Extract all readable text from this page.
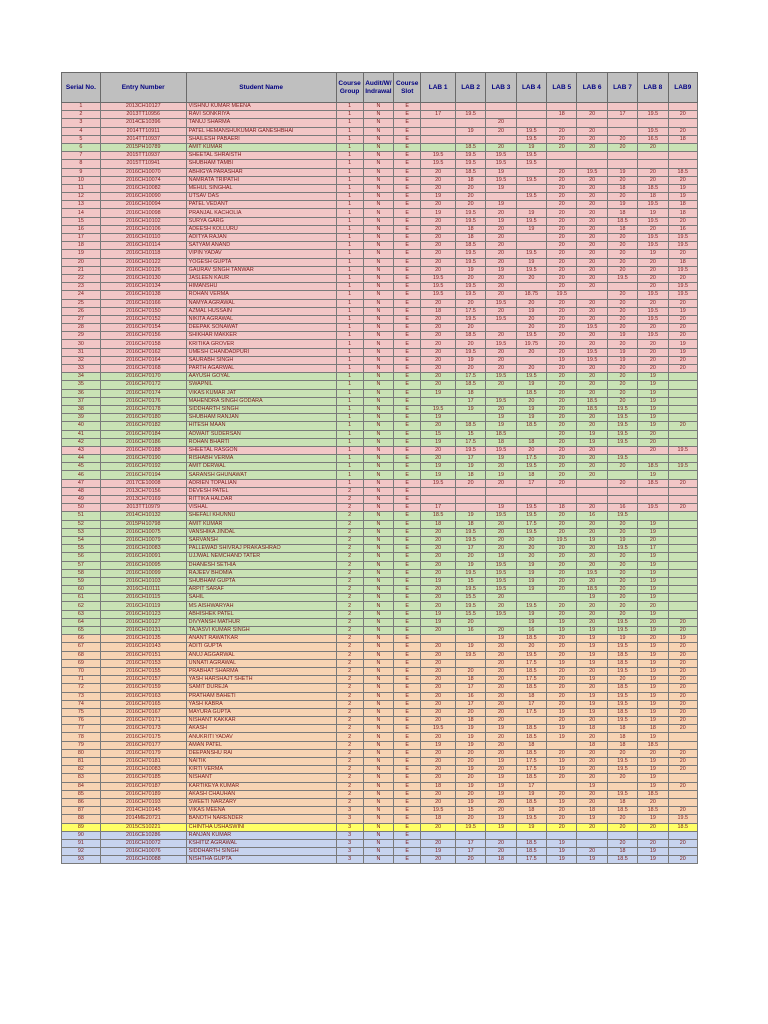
Serial No.	Entry Number	Student Name	Course Group	Audit/W/ Indrawal	Course Slot	LAB 1	LAB 2	LAB 3	LAB 4	LAB 5	LAB 6	LAB 7	LAB 8	LAB9
1	2013CH10127	VISHNU KUMAR MEENA	1	N	E									
2	2013TT10956	RAVI SONKRIYA	1	N	E	17	19.5			18	20	17	19.5	20
3	2014CE10396	TANUJ SHARMA	1	N	E			20						
4	2014TT10911	PATEL HEMANSHUKUMAR GANESHBHAI	1	N	E		19	20	19.5	20	20		19.5	20
5	2014TT10937	SHAILESH PABAERI	1	N	E				19.5	20	20	20	16.5	18
6	2015PH10789	AMIT KUMAR	1	N	E		18.5	20	19	20	20	20	20	
7	2015TT10937	SHEETAL SHRAISTH	1	N	E	19.5	19.5	19.5	19.5					
8	2015TT10941	SHUBHAM TAMBI	1	N	E	19.5	19.5	19.5	19.5					
9	2016CH10070	ABHIGYA PARASHAR	1	N	E	20	18.5	19		20	19.5	19	20	18.5
10	2016CH10074	NAMRATA TRIPATHI	1	N	E	20	18	19.5	19.5	20	20	20	20	20
11	2016CH10082	MEHUL SINGHAL	1	N	E	20	20	19		20	20	18	18.5	19
12	2016CH10090	UTSAV DAS	1	N	E	19	20		19.5	20	20	20	18	19
13	2016CH10094	PATEL VEDANT	1	N	E	20	20	19		20	20	19	19.5	18
14	2016CH10098	PRANJAL KACHOLIA	1	N	E	19	19.5	20	19	20	20	18	19	18
15	2016CH10102	SURYA GARG	1	N	E	20	19.5	19	19.5	20	20	18.5	19.5	20
16	2016CH10106	ADEESH KOLLURU	1	N	E	20	18	20	19	20	20	18	20	16
17	2016CH10110	ADITYA RAJAN	1	N	E	20	18	20		20	20	20	19.5	19.5
18	2016CH10114	SATYAM ANAND	1	N	E	20	18.5	20		20	20	20	19.5	19.5
19	2016CH10118	VIPIN YADAV	1	N	E	20	19.5	20	19.5	20	20	20	19	20
20	2016CH10122	YOGESH GUPTA	1	N	E	20	19.5	20	19	20	20	20	20	18
21	2016CH10126	GAURAV SINGH TANWAR	1	N	E	20	19	19	19.5	20	20	20	20	19.5
22	2016CH10130	JASLEEN KAUR	1	N	E	19.5	20	20	20	20	20	19.5	20	20
23	2016CH10134	HIMANSHU	1	N	E	19.5	19.5	20		20	20		20	19.5
24	2016CH10138	ROHAN VERMA	1	N	E	19.5	19.5	20	18.75	19.5		20	19.5	19.5
25	2016CH10166	NAMYA AGRAWAL	1	N	E	20	20	19.5	20	20	20	20	20	20
26	2016CH70150	AZMAL HUSSAIN	1	N	E	18	17.5	20	19	20	20	20	19.5	19
27	2016CH70152	NIKITA AGRAWAL	1	N	E	20	19.5	19.5	20	20	20	20	19.5	20
28	2016CH70154	DEEPAK SONAWAT	1	N	E	20	20		20	20	19.5	20	20	20
29	2016CH70156	SHIKHAR MAKKER	1	N	E	20	18.5	20	19.5	20	20	19	19.5	20
30	2016CH70158	KRITIKA GROVER	1	N	E	20	20	19.5	19.75	20	20	20	20	19
31	2016CH70162	UMESH CHANDADPURI	1	N	E	20	19.5	20	20	20	19.5	19	20	19
32	2016CH70164	SAURABH SINGH	1	N	E	20	19	20		19	19.5	19	20	20
33	2016CH70168	PARTH AGARWAL	1	N	E	20	20	20	20	20	20	20	20	20
34	2016CH70170	AAYUSH GOYAL	1	N	E	20	17.5	19.5	19.5	20	20	20	19	
35	2016CH70172	SWAPNIL	1	N	E	20	18.5	20	19	20	20	20	19	
36	2016CH70174	VIKAS KUMAR JAT	1	N	E	19	18		18.5	20	20	20	19	
37	2016CH70176	MAHENDRA SINGH GODARA	1	N	E		17	19.5	20	20	18.5	20	19	
38	2016CH70178	SIDDHARTH SINGH	1	N	E	19.5	19	20	19	20	18.5	19.5	19	
39	2016CH70180	SHUBHAM RANJAN	1	N	E	19		19	19	20	20	19.5	19	
40	2016CH70182	HITESH MAAN	1	N	E	20	18.5	19	18.5	20	20	19.5	19	20
41	2016CH70184	ADWAIT SUDERSAN	1	N	E	15	15	18.5		20	19	19.5	20	
42	2016CH70186	ROHAN BHARTI	1	N	E	19	17.5	18	18	20	19	19.5	20	
43	2016CH70188	SHEETAL RASGON	1	N	E	20	19.5	19.5	20	20	20		20	19.5
44	2016CH70190	RISHABH VERMA	1	N	E	20	17	19	17.5	20	20	19.5		
45	2016CH70192	AMIT DERWAL	1	N	E	19	19	20	19.5	20	20	20	18.5	19.5
46	2016CH70194	SARANSH GHUNAWAT	1	N	E	19	18	19	18	20	20		19	
47	2017CE10008	ADRIEN TOPALIAN	1	N	E	19.5	20	20	17	20		20	18.5	20
48	2013CH70156	DEVESH PATEL	2	N	E									
49	2013CH70169	RITTIKA HALDAR	2	N	E									
50	2013TT10979	VISHAL	2	N	E	17		19	19.5	18	20	16	19.5	20
51	2014CH10132	SHEFALI KHUNNU	2	N	E	18.5	19	19.5	19.5	20	16	19.5		
52	2015PH10798	AMIT KUMAR	2	N	E	18	18	20	17.5	20	20	20	19	
53	2016CH10075	VANSHIKA JINDAL	2	N	E	20	19.5	20	19.5	20	20	20	19	
54	2016CH10079	SARVANSH	2	N	E	20	19.5	20	20	19.5	19	19	20	
55	2016CH10083	PALLEWAD SHIVRAJ PRAKASHRAO	2	N	E	20	17	20	20	20	20	19.5	17	
56	2016CH10091	UJJWAL NEMCHAND TATER	2	N	E	20	20	19	20	20	20	20	19	
57	2016CH10095	DHANESH SETHIA	2	N	E	20	19	19.5	19	20	20	20	19	
58	2016CH10099	RAJEEV BHOMIA	2	N	E	20	19.5	19.5	19	20	19.5	20	19	
59	2016CH10103	SHUBHAM GUPTA	2	N	E	19	15	19.5	19	20	20	20	19	
60	2016CH10111	ARPIT SARAF	2	N	E	20	19.5	19.5	19	20	18.5	20	19	
61	2016CH10115	SAHIL	2	N	E	20	15.5	20			19	20	19	
62	2016CH10119	MS AISHWARYAH	2	N	E	20	19.5	20	19.5	20	20	20	20	
63	2016CH10123	ABHISHEK PATEL	2	N	E	19	15.5	19.5	19	20	20	20	19	
64	2016CH10127	DIVYANSH MATHUR	2	N	E	19	20		19	19	20	19.5	20	20
65	2016CH10131	TAJASVI KUMAR SINGH	2	N	E	20	16	20	16	19	19	19.5	19	20
66	2016CH10135	ANANT RAWATKAR	2	N	E			19	18.5	20	19	19	20	19
67	2016CH10143	ADITI GUPTA	2	N	E	20	19	20	20	20	19	19.5	19	20
68	2016CH70151	ANUJ AGGARWAL	2	N	E	20	19.5	20	19.5	20	19	18.5	19	20
69	2016CH70153	UNNATI AGRAWAL	2	N	E	20		20	17.5	19	19	18.5	19	20
70	2016CH70155	PRABHAT SHARMA	2	N	E	20	20	20	18.5	20	20	19.5	19	20
71	2016CH70157	YASH HARSHAJT SHETH	2	N	E	20	18	20	17.5	20	19	20	19	20
72	2016CH70159	SAMIT DUREJA	2	N	E	20	17	20	18.5	20	20	18.5	19	20
73	2016CH70163	PRATHAM BAHETI	2	N	E	20	16	20	18	20	19	19.5	19	20
74	2016CH70165	YASH KABRA	2	N	E	20	17	20	17	20	19	19.5	19	20
75	2016CH70167	MAYURA GUPTA	2	N	E	20	20	20	17.5	19	19	18.5	19	20
76	2016CH70171	NISHANT KAKKAR	2	N	E	20	18	20		20	20	19.5	19	20
77	2016CH70173	AKASH	2	N	E	19.5	19	19	18.5	19	18	18	18	20
78	2016CH70175	ANUKRITI YADAV	2	N	E	20	19	20	18.5	19	20	18	19	
79	2016CH70177	AMAN PATEL	2	N	E	19	19	20	18		18	18	18.5	
80	2016CH70179	DEEPANSHU RAI	2	N	E	20	20	20	18.5	20	20	20	20	20
81	2016CH70181	NAITIK	2	N	E	20	20	19	17.5	19	20	19.5	19	20
82	2016CH10083	KIRTI VERMA	2	N	E	20	19	20	17.5	19	20	19.5	19	20
83	2016CH70185	NISHANT	2	N	E	20	20	19	18.5	20	20	20	19	
84	2016CH70187	KARTIKEYA KUMAR	2	N	E	18	19	19	17		19		19	20
85	2016CH70189	AKASH CHAUHAN	2	N	E	20	20	19	19	20	20	19.5	18.5	
86	2016CH70193	SWEETI NARZARY	2	N	E	20	19	20	18.5	19	20	18	20	
87	2014CH10145	VIKAS MEENA	3	N	E	19.5	15	20	18	20	18	18.5	18.5	20
88	2014ME20721	BANOTH NARENDER	3	N	E	18	20	19	19.5	20	19	20	19	19.5
89	2015CS10221	CHINTHA USHASWINI	3	N	E	20	19.5	19	19	20	20	20	20	18.5
90	2016CE10286	RANJAN KUMAR	3	N	E									
91	2016CH10072	KSHITIZ AGRAWAL	3	N	E	20	17	20	18.5	19		20	20	20
92	2016CH10076	SIDDHARTH SINGH	3	N	E	19	17	20	18.5	19	20	18	19	
93	2016CH10088	NISHTHA GUPTA	3	N	E	20	20	18	17.5	19	19	18.5	19	20
